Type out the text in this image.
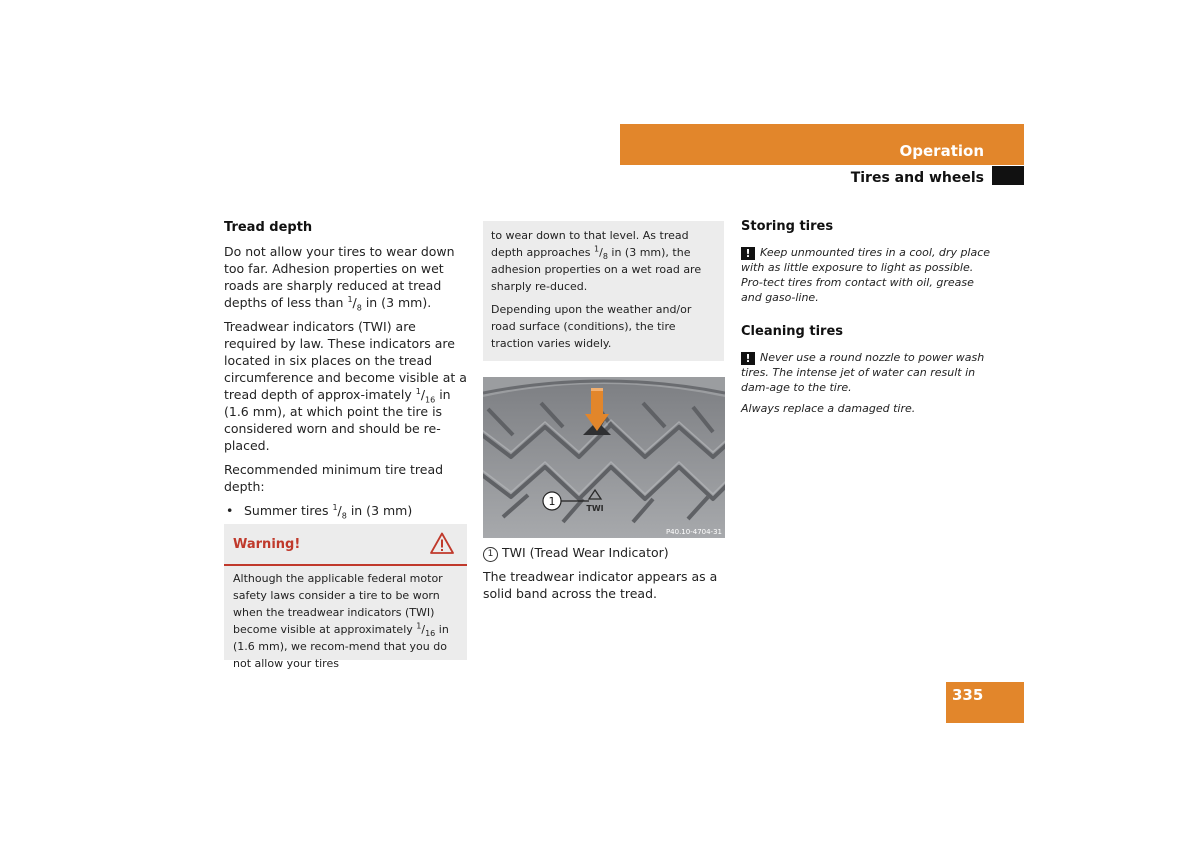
Operation
Tires and wheels
Tread depth

Do not allow your tires to wear down too far. Adhesion properties on wet roads are sharply reduced at tread depths of less than $^1/_8$ in (3 mm).

Treadwear indicators (TWI) are required by law. These indicators are located in six places on the tread circumference and become visible at a tread depth of approx-imately $^1/_{16}$ in (1.6 mm), at which point the tire is considered worn and should be re-placed.

Recommended minimum tire tread depth:

• Summer tires $^1/_8$ in (3 mm)
•
Warning!
Although the applicable federal motor safety laws consider a tire to be worn when the treadwear indicators (TWI) become visible at approximately $^1/_{16}$ in (1.6 mm), we recom-mend that you do not allow your tires

to wear down to that level. As tread depth approaches $^1/_8$ in (3 mm), the adhesion properties on a wet road are sharply re-duced.

Depending upon the weather and/or road surface (conditions), the tire traction varies widely.

1
TWI
P40.10-4704-31
1 TWI (Tread Wear Indicator)
The treadwear indicator appears as a solid band across the tread.
Storing tires

! Keep unmounted tires in a cool, dry place with as little exposure to light as possible. Pro-tect tires from contact with oil, grease and gaso-line.

Cleaning tires

! Never use a round nozzle to power wash tires. The intense jet of water can result in dam-age to the tire.

Always replace a damaged tire.

335
